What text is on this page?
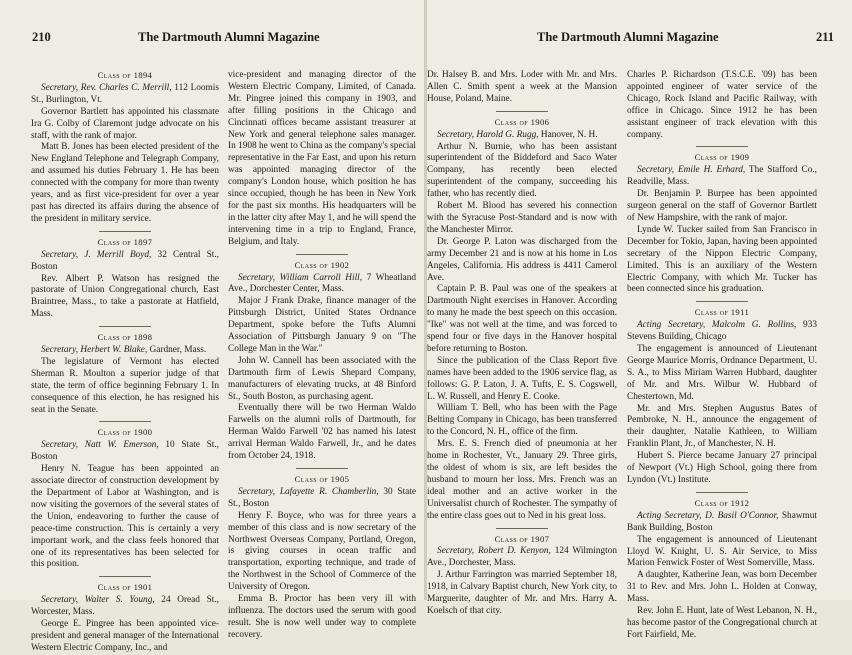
210	The Dartmouth Alumni Magazine
Class of 1894

Secretary, Rev. Charles C. Merrill, 112 Loomis St., Burlington, Vt.

Governor Bartlett has appointed his classmate Ira G. Colby of Claremont judge advocate on his staff, with the rank of major.

Matt B. Jones has been elected president of the New England Telephone and Telegraph Company, and assumed his duties February 1. He has been connected with the company for more than twenty years, and as first vice-president for over a year past has directed its affairs during the absence of the president in military service.

Class of 1897

Secretary, J. Merrill Boyd, 32 Central St., Boston

Rev. Albert P. Watson has resigned the pastorate of Union Congregational church, East Braintree, Mass., to take a pastorate at Hatfield, Mass.

Class of 1898

Secretary, Herbert W. Blake, Gardner, Mass.

The legislature of Vermont has elected Sherman R. Moulton a superior judge of that state, the term of office beginning February 1. In consequence of this election, he has resigned his seat in the Senate.

Class of 1900

Secretary, Natt W. Emerson, 10 State St., Boston

Henry N. Teague has been appointed an associate director of construction development by the Department of Labor at Washington, and is now visiting the governors of the several states of the Union, endeavoring to further the cause of peace-time construction. This is certainly a very important work, and the class feels honored that one of its representatives has been selected for this position.

Class of 1901

Secretary, Walter S. Young, 24 Oread St., Worcester, Mass.

George E. Pingree has been appointed vice-president and general manager of the International Western Electric Company, Inc., and

vice-president and managing director of the Western Electric Company, Limited, of Canada. Mr. Pingree joined this company in 1903, and after filling positions in the Chicago and Cincinnati offices became assistant treasurer at New York and general telephone sales manager. In 1908 he went to China as the company's special representative in the Far East, and upon his return was appointed managing director of the company's London house, which position he has since occupied, though he has been in New York for the past six months. His headquarters will be in the latter city after May 1, and he will spend the intervening time in a trip to England, France, Belgium, and Italy.

Class of 1902

Secretary, William Carroll Hill, 7 Wheatland Ave., Dorchester Center, Mass.

Major J Frank Drake, finance manager of the Pittsburgh District, United States Ordnance Department, spoke before the Tufts Alumni Association of Pittsburgh January 9 on "The College Man in the War."

John W. Cannell has been associated with the Dartmouth firm of Lewis Shepard Company, manufacturers of elevating trucks, at 48 Binford St., South Boston, as purchasing agent.

Eventually there will be two Herman Waldo Farwells on the alumni rolls of Dartmouth, for Herman Waldo Farwell '02 has named his latest arrival Herman Waldo Farwell, Jr., and he dates from October 24, 1918.

Class of 1905

Secretary, Lafayette R. Chamberlin, 30 State St., Boston

Henry F. Boyce, who was for three years a member of this class and is now secretary of the Northwest Overseas Company, Portland, Oregon, is giving courses in ocean traffic and transportation, exporting technique, and trade of the Northwest in the School of Commerce of the University of Oregon.

Emma B. Proctor has been very ill with influenza. The doctors used the serum with good result. She is now well under way to complete recovery.

The Dartmouth Alumni Magazine	211

Dr. Halsey B. and Mrs. Loder with Mr. and Mrs. Allen C. Smith spent a week at the Mansion House, Poland, Maine.

Class of 1906

Secretary, Harold G. Rugg, Hanover, N. H.

Arthur N. Burnie, who has been assistant superintendent of the Biddeford and Saco Water Company, has recently been elected superintendent of the company, succeeding his father, who has recently died.

Robert M. Blood has severed his connection with the Syracuse Post-Standard and is now with the Manchester Mirror.

Dr. George P. Laton was discharged from the army December 21 and is now at his home in Los Angeles, California. His address is 4411 Camerol Ave.

Captain P. B. Paul was one of the speakers at Dartmouth Night exercises in Hanover. According to many he made the best speech on this occasion. "Ike" was not well at the time, and was forced to spend four or five days in the Hanover hospital before returning to Boston.

Since the publication of the Class Report five names have been added to the 1906 service flag, as follows: G. P. Laton, J. A. Tufts, E. S. Cogswell, L. W. Russell, and Henry E. Cooke.

William T. Bell, who has been with the Page Belting Company in Chicago, has been transferred to the Concord, N. H., office of the firm.

Mrs. E. S. French died of pneumonia at her home in Rochester, Vt., January 29. Three girls, the oldest of whom is six, are left besides the husband to mourn her loss. Mrs. French was an ideal mother and an active worker in the Universalist church of Rochester. The sympathy of the entire class goes out to Ned in his great loss.

Class of 1907

Secretary, Robert D. Kenyon, 124 Wilmington Ave., Dorchester, Mass.

J. Arthur Farrington was married September 18, 1918, in Calvary Baptist church, New York city, to Marguerite, daughter of Mr. and Mrs. Harry A. Koelsch of that city.

Charles P. Richardson (T.S.C.E. '09) has been appointed engineer of water service of the Chicago, Rock Island and Pacific Railway, with office in Chicago. Since 1912 he has been assistant engineer of track elevation with this company.

Class of 1909

Secretary, Emile H. Erhard, The Stafford Co., Readville, Mass.

Dr. Benjamin P. Burpee has been appointed surgeon general on the staff of Governor Bartlett of New Hampshire, with the rank of major.

Lynde W. Tucker sailed from San Francisco in December for Tokio, Japan, having been appointed secretary of the Nippon Electric Company, Limited. This is an auxiliary of the Western Electric Company, with which Mr. Tucker has been connected since his graduation.

Class of 1911

Acting Secretary, Malcolm G. Rollins, 933 Stevens Building, Chicago

The engagement is announced of Lieutenant George Maurice Morris, Ordnance Department, U. S. A., to Miss Miriam Warren Hubbard, daughter of Mr. and Mrs. Wilbur W. Hubbard of Chestertown, Md.

Mr. and Mrs. Stephen Augustus Bates of Pembroke, N. H., announce the engagement of their daughter, Natalie Kathleen, to William Franklin Plant, Jr., of Manchester, N. H.

Hubert S. Pierce became January 27 principal of Newport (Vt.) High School, going there from Lyndon (Vt.) Institute.

Class of 1912

Acting Secretary, D. Basil O'Connor, Shawmut Bank Building, Boston

The engagement is announced of Lieutenant Lloyd W. Knight, U. S. Air Service, to Miss Marion Fenwick Foster of West Somerville, Mass.

A daughter, Katherine Jean, was born December 31 to Rev. and Mrs. John L. Holden at Conway, Mass.

Rev. John E. Hunt, late of West Lebanon, N. H., has become pastor of the Congregational church at Fort Fairfield, Me.
